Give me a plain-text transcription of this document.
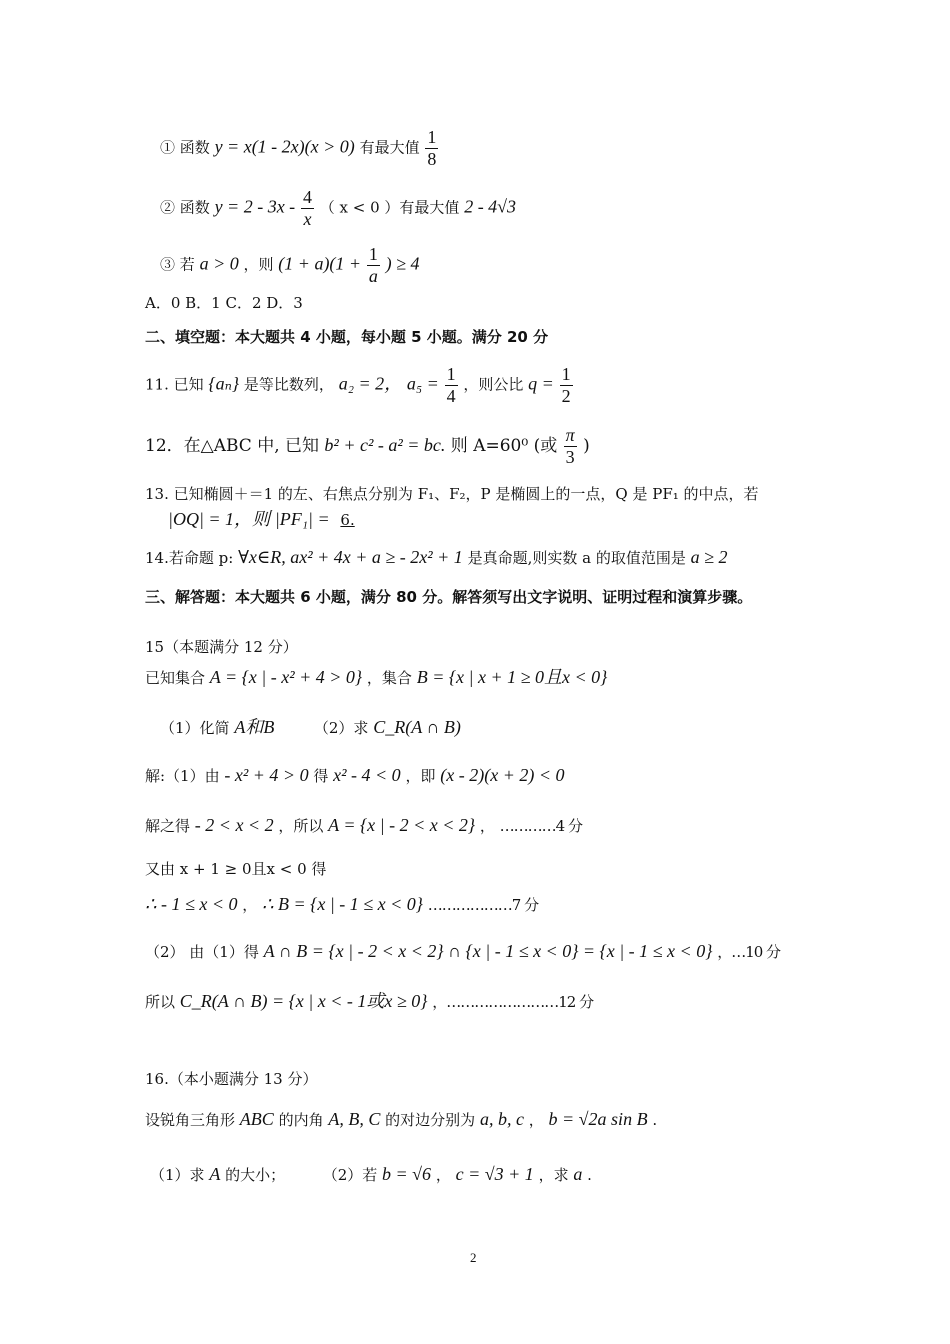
① 函数 y = x(1 - 2x)(x > 0) 有最大值 $\frac{1}{8}$
② 函数 $y = 2 - 3x - \frac{4}{x}$ （ x < 0 ）有最大值 2 - 4√3
③ 若 a > 0 ，则 $(1 + a)(1 + \frac{1}{a}$ ) ≥ 4
A．0 B．1 C．2 D．3
二、填空题：本大题共 4 小题，每小题 5 小题。满分 20 分
11. 已知 {aₙ} 是等比数列， a₂ = 2， $a_5 = \frac{1}{4}$ ，则公比 $q = \frac{1}{2}$
12．在△ABC 中, 已知 b² + c² - a² = bc. 则 A=60⁰ (或 $\frac{\pi}{3}$ )
13. 已知椭圆＋＝1 的左、右焦点分别为 F₁、F₂，P 是椭圆上的一点，Q 是 PF₁ 的中点，若
|OQ| = 1，则 |PF₁| = 6.
14.若命题 p: ∀x∈R, ax² + 4x + a ≥ - 2x² + 1 是真命题,则实数 a 的取值范围是 a ≥ 2
三、解答题：本大题共 6 小题，满分 80 分。解答须写出文字说明、证明过程和演算步骤。
15（本题满分 12 分）
已知集合 A = {x | - x² + 4 > 0} ，集合 B = {x | x + 1 ≥ 0且x < 0}
（1）化简 A和B	（2）求 C_R(A ∩ B)
解:（1）由 - x² + 4 > 0 得 x² - 4 < 0 ，即 (x - 2)(x + 2) < 0
解之得 - 2 < x < 2 ，所以 A = {x | - 2 < x < 2} ， …………4 分
又由 x + 1 ≥ 0且x < 0 得
∴ - 1 ≤ x < 0 ， ∴ B = {x | - 1 ≤ x < 0} ………………7 分
（2） 由（1）得 A ∩ B = {x | - 2 < x < 2} ∩ {x | - 1 ≤ x < 0} = {x | - 1 ≤ x < 0} ，…10 分
所以 C_R(A ∩ B) = {x | x < - 1或x ≥ 0} ，……………………12 分
16.（本小题满分 13 分）
设锐角三角形 ABC 的内角 A, B, C 的对边分别为 a, b, c ， b = √2a sin B .
（1）求 A 的大小；	（2）若 b = √6 ， c = √3 + 1 ，求 a .
2
